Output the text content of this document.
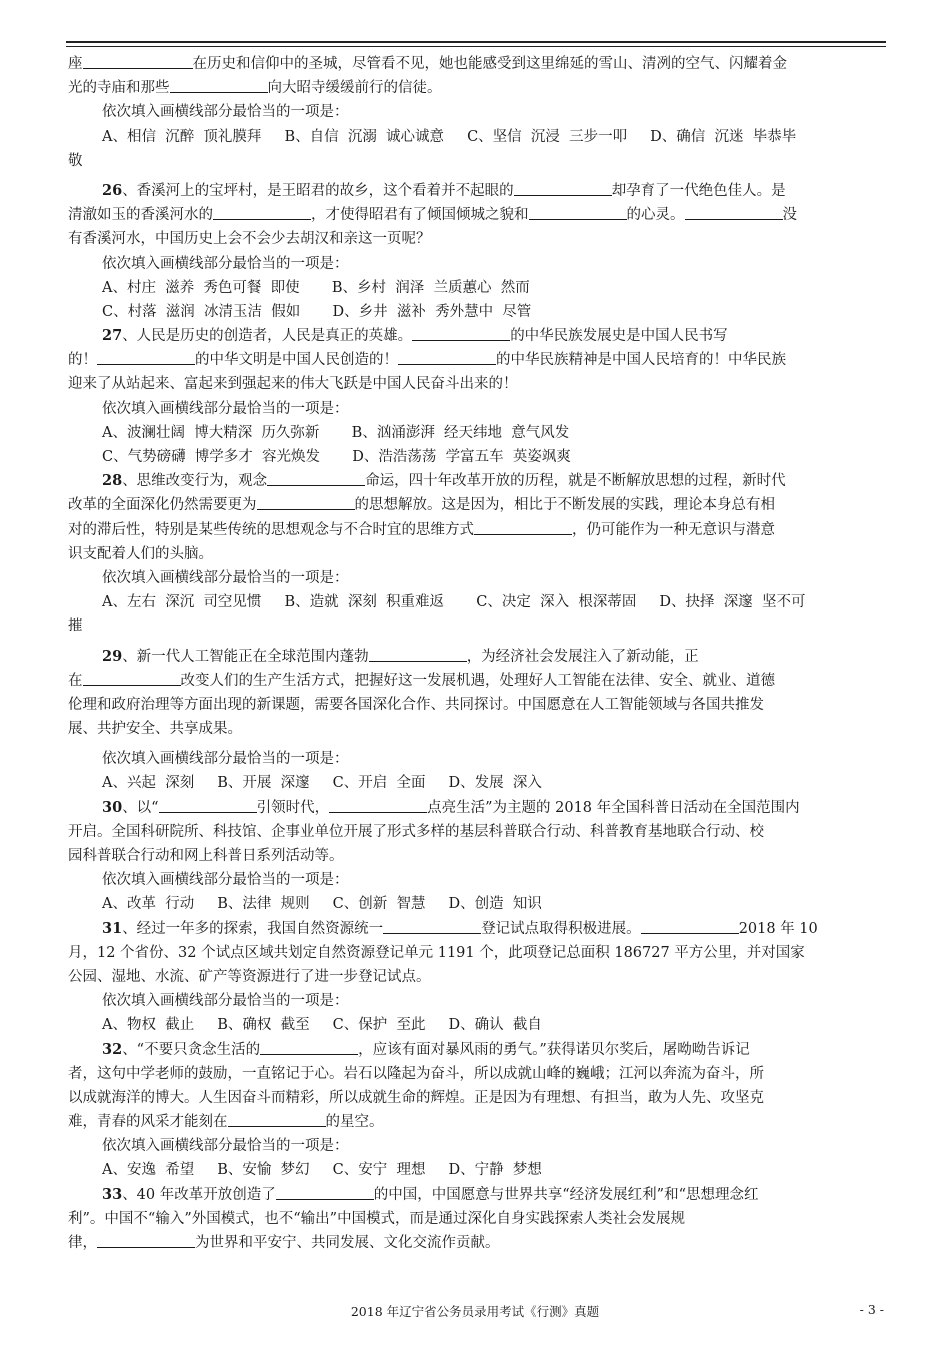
座	在历史和信仰中的圣城，尽管看不见，她也能感受到这里绵延的雪山、清冽的空气、闪耀着金
光的寺庙和那些	向大昭寺缓缓前行的信徒。
依次填入画横线部分最恰当的一项是：
A、相信  沉醉  顶礼膜拜     B、自信  沉溺  诚心诚意     C、坚信  沉浸  三步一叩     D、确信  沉迷  毕恭毕
敬
26、香溪河上的宝坪村，是王昭君的故乡，这个看着并不起眼的	却孕育了一代绝色佳人。是
清澈如玉的香溪河水的	，才使得昭君有了倾国倾城之貌和	的心灵。	没
有香溪河水，中国历史上会不会少去胡汉和亲这一页呢？
依次填入画横线部分最恰当的一项是：
A、村庄  滋养  秀色可餐  即使       B、乡村  润泽  兰质蕙心  然而
C、村落  滋润  冰清玉洁  假如       D、乡井  滋补  秀外慧中  尽管
27、人民是历史的创造者，人民是真正的英雄。	的中华民族发展史是中国人民书写
的！	的中华文明是中国人民创造的！	的中华民族精神是中国人民培育的！中华民族
迎来了从站起来、富起来到强起来的伟大飞跃是中国人民奋斗出来的！
依次填入画横线部分最恰当的一项是：
A、波澜壮阔  博大精深  历久弥新       B、汹涌澎湃  经天纬地  意气风发
C、气势磅礴  博学多才  容光焕发       D、浩浩荡荡  学富五车  英姿飒爽
28、思维改变行为，观念	命运，四十年改革开放的历程，就是不断解放思想的过程，新时代
改革的全面深化仍然需要更为	的思想解放。这是因为，相比于不断发展的实践，理论本身总有相
对的滞后性，特别是某些传统的思想观念与不合时宜的思维方式	，仍可能作为一种无意识与潜意
识支配着人们的头脑。
依次填入画横线部分最恰当的一项是：
A、左右  深沉  司空见惯     B、造就  深刻  积重难返       C、决定  深入  根深蒂固     D、抉择  深邃  坚不可
摧
29、新一代人工智能正在全球范围内蓬勃	，为经济社会发展注入了新动能，正
在	改变人们的生产生活方式，把握好这一发展机遇，处理好人工智能在法律、安全、就业、道德
伦理和政府治理等方面出现的新课题，需要各国深化合作、共同探讨。中国愿意在人工智能领域与各国共推发
展、共护安全、共享成果。
依次填入画横线部分最恰当的一项是：
A、兴起  深刻     B、开展  深邃     C、开启  全面     D、发展  深入
30、以“	引领时代，	点亮生活”为主题的 2018 年全国科普日活动在全国范围内
开启。全国科研院所、科技馆、企事业单位开展了形式多样的基层科普联合行动、科普教育基地联合行动、校
园科普联合行动和网上科普日系列活动等。
依次填入画横线部分最恰当的一项是：
A、改革  行动     B、法律  规则     C、创新  智慧     D、创造  知识
31、经过一年多的探索，我国自然资源统一	登记试点取得积极进展。	2018 年 10
月，12 个省份、32 个试点区域共划定自然资源登记单元 1191 个，此项登记总面积 186727 平方公里，并对国家
公园、湿地、水流、矿产等资源进行了进一步登记试点。
依次填入画横线部分最恰当的一项是：
A、物权  截止     B、确权  截至     C、保护  至此     D、确认  截自
32、“不要只贪念生活的	，应该有面对暴风雨的勇气。”获得诺贝尔奖后，屠呦呦告诉记
者，这句中学老师的鼓励，一直铭记于心。岩石以隆起为奋斗，所以成就山峰的巍峨；江河以奔流为奋斗，所
以成就海洋的博大。人生因奋斗而精彩，所以成就生命的辉煌。正是因为有理想、有担当，敢为人先、攻坚克
难，青春的风采才能刻在	的星空。
依次填入画横线部分最恰当的一项是：
A、安逸  希望     B、安愉  梦幻     C、安宁  理想     D、宁静  梦想
33、40 年改革开放创造了	的中国，中国愿意与世界共享“经济发展红利”和“思想理念红
利”。中国不“输入”外国模式，也不“输出”中国模式，而是通过深化自身实践探索人类社会发展规
律，	为世界和平安宁、共同发展、文化交流作贡献。
2018 年辽宁省公务员录用考试《行测》真题	- 3 -
